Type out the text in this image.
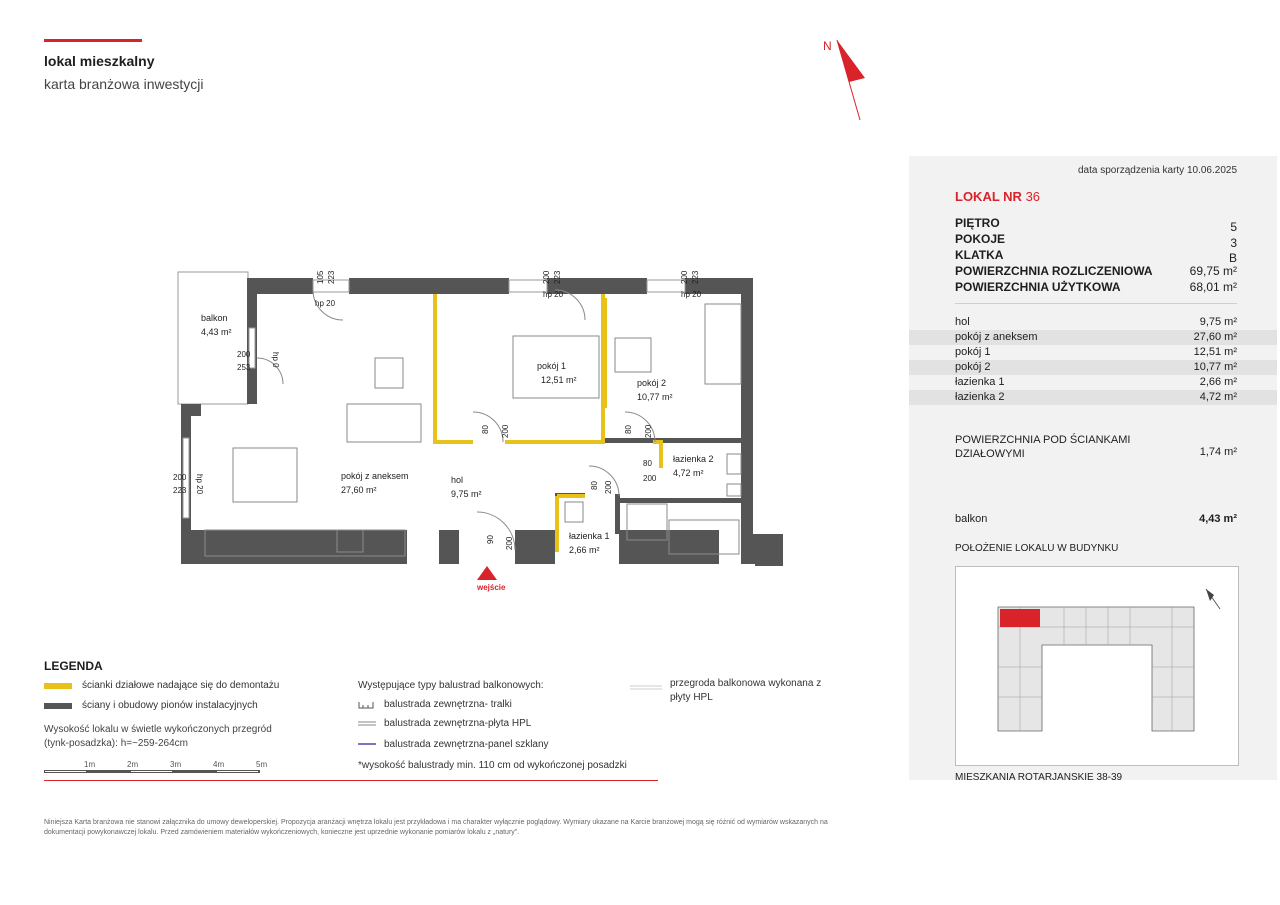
lokal mieszkalny
karta branżowa inwestycji
N
balkon
4,43 m²
pokój z aneksem
27,60 m²
hol
9,75 m²
pokój 1
12,51 m²	pokój 2
10,77 m²
łazienka 2
4,72 m²
łazienka 1
2,66 m²
105 223
hp 20
200 223
hp 20
200 223
hp 20
200
253	hp 0
200
223 hp 20
80 200	80 200
80
200
80 200
90 200
wejście
LEGENDA
ścianki działowe nadające się do demontażu
ściany i obudowy pionów instalacyjnych
Wysokość lokalu w świetle wykończonych przegród (tynk-posadzka): h=~259-264cm
1m	2m	3m	4m	5m
Występujące typy balustrad balkonowych:
balustrada zewnętrzna- tralki
balustrada zewnętrzna-płyta HPL
balustrada zewnętrzna-panel szklany
*wysokość balustrady min. 110 cm od wykończonej posadzki
przegroda balkonowa wykonana z płyty HPL
Niniejsza Karta branżowa nie stanowi załącznika do umowy deweloperskiej. Propozycja aranżacji wnętrza lokalu jest przykładowa i ma charakter wyłącznie poglądowy. Wymiary ukazane na Karcie branżowej mogą się różnić od wymiarów wskazanych na dokumentacji powykonawczej lokalu. Przed zamówieniem materiałów wykończeniowych, konieczne jest uprzednie wykonanie pomiarów lokalu z „natury”.
data sporządzenia karty 10.06.2025
LOKAL NR 36
PIĘTRO	5
POKOJE	3
KLATKA	B
POWIERZCHNIA ROZLICZENIOWA	69,75 m²
POWIERZCHNIA UŻYTKOWA	68,01 m²
hol	9,75 m²
pokój z aneksem	27,60 m²
pokój 1	12,51 m²
pokój 2	10,77 m²
łazienka 1	2,66 m²
łazienka 2	4,72 m²
POWIERZCHNIA POD ŚCIANKAMI DZIAŁOWYMI	1,74 m²
balkon	4,43 m²
POŁOŻENIE LOKALU W BUDYNKU
MIESZKANIA ROTARJANSKIE 38-39
